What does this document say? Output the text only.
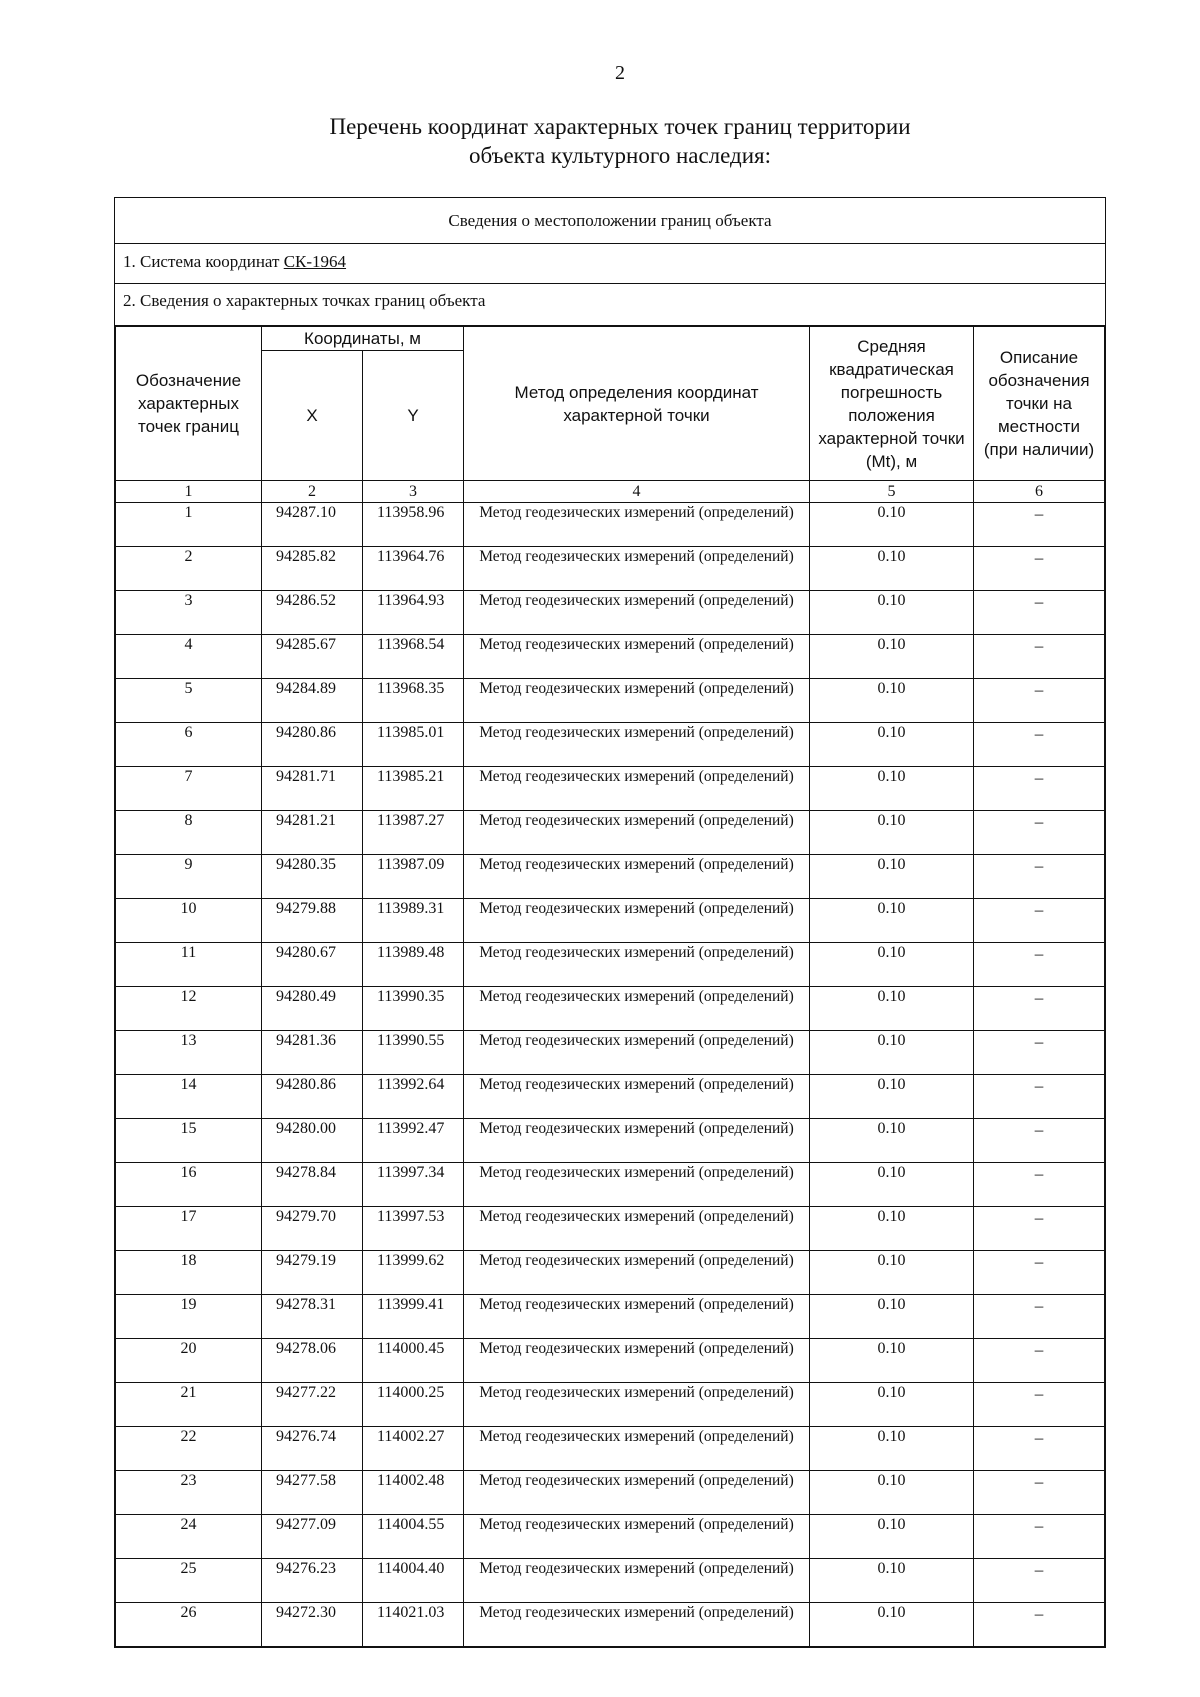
2
Перечень координат характерных точек границ территории
объекта культурного наследия:
Сведения о местоположении границ объекта
1. Система координат СК-1964
2. Сведения о характерных точках границ объекта
Обозначение характерных точек границ	Координаты, м		Метод определения координат характерной точки	Средняя квадратическая погрешность положения характерной точки (Mt), м	Описание обозначения точки на местности (при наличии)
	X	Y			
1	2	3	4	5	6
1	94287.10	113958.96	Метод геодезических измерений (определений)	0.10	–
2	94285.82	113964.76	Метод геодезических измерений (определений)	0.10	–
3	94286.52	113964.93	Метод геодезических измерений (определений)	0.10	–
4	94285.67	113968.54	Метод геодезических измерений (определений)	0.10	–
5	94284.89	113968.35	Метод геодезических измерений (определений)	0.10	–
6	94280.86	113985.01	Метод геодезических измерений (определений)	0.10	–
7	94281.71	113985.21	Метод геодезических измерений (определений)	0.10	–
8	94281.21	113987.27	Метод геодезических измерений (определений)	0.10	–
9	94280.35	113987.09	Метод геодезических измерений (определений)	0.10	–
10	94279.88	113989.31	Метод геодезических измерений (определений)	0.10	–
11	94280.67	113989.48	Метод геодезических измерений (определений)	0.10	–
12	94280.49	113990.35	Метод геодезических измерений (определений)	0.10	–
13	94281.36	113990.55	Метод геодезических измерений (определений)	0.10	–
14	94280.86	113992.64	Метод геодезических измерений (определений)	0.10	–
15	94280.00	113992.47	Метод геодезических измерений (определений)	0.10	–
16	94278.84	113997.34	Метод геодезических измерений (определений)	0.10	–
17	94279.70	113997.53	Метод геодезических измерений (определений)	0.10	–
18	94279.19	113999.62	Метод геодезических измерений (определений)	0.10	–
19	94278.31	113999.41	Метод геодезических измерений (определений)	0.10	–
20	94278.06	114000.45	Метод геодезических измерений (определений)	0.10	–
21	94277.22	114000.25	Метод геодезических измерений (определений)	0.10	–
22	94276.74	114002.27	Метод геодезических измерений (определений)	0.10	–
23	94277.58	114002.48	Метод геодезических измерений (определений)	0.10	–
24	94277.09	114004.55	Метод геодезических измерений (определений)	0.10	–
25	94276.23	114004.40	Метод геодезических измерений (определений)	0.10	–
26	94272.30	114021.03	Метод геодезических измерений (определений)	0.10	–
